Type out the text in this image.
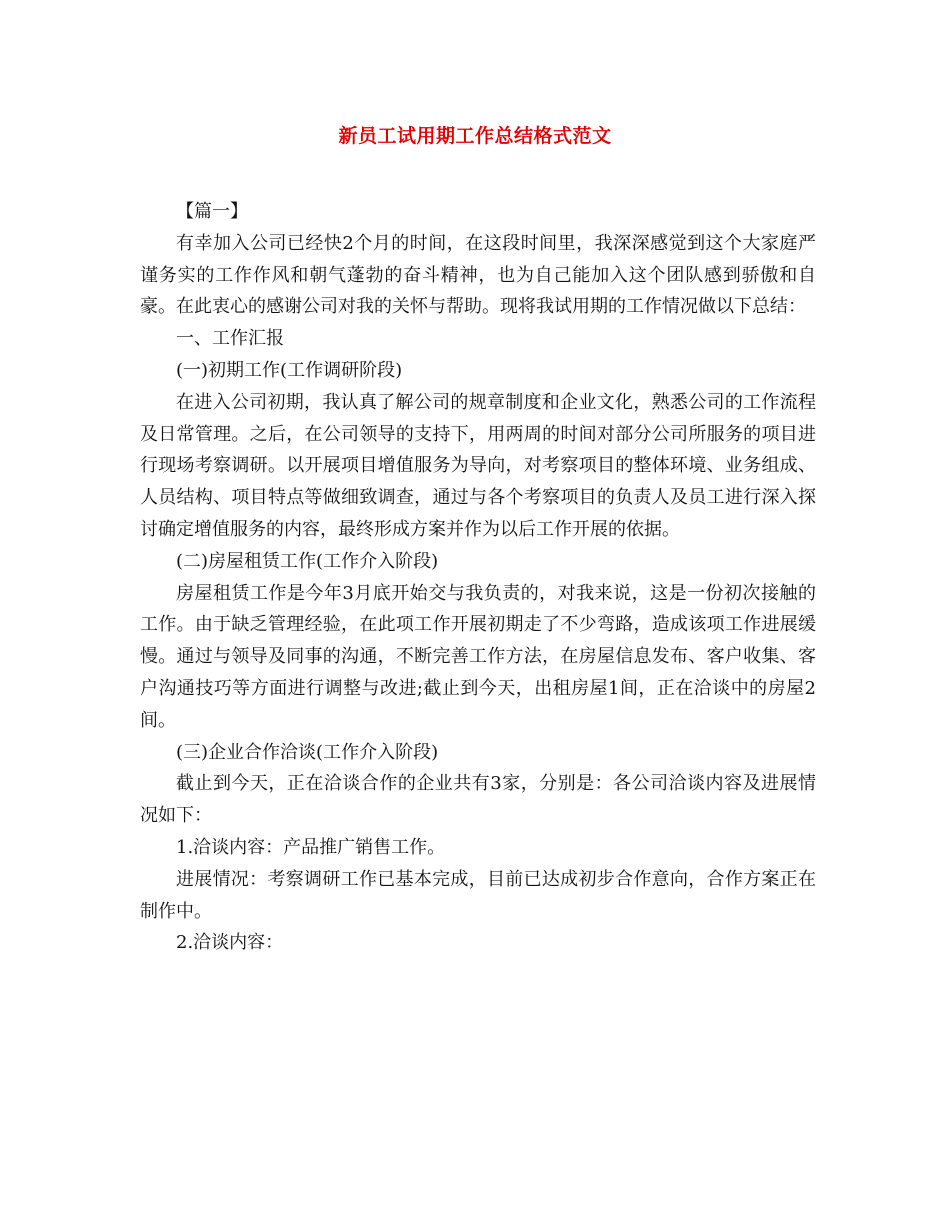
新员工试用期工作总结格式范文

【篇一】

有幸加入公司已经快2个月的时间，在这段时间里，我深深感觉到这个大家庭严谨务实的工作作风和朝气蓬勃的奋斗精神，也为自己能加入这个团队感到骄傲和自豪。在此衷心的感谢公司对我的关怀与帮助。现将我试用期的工作情况做以下总结：

一、工作汇报

(一)初期工作(工作调研阶段)

在进入公司初期，我认真了解公司的规章制度和企业文化，熟悉公司的工作流程及日常管理。之后，在公司领导的支持下，用两周的时间对部分公司所服务的项目进行现场考察调研。以开展项目增值服务为导向，对考察项目的整体环境、业务组成、人员结构、项目特点等做细致调查，通过与各个考察项目的负责人及员工进行深入探讨确定增值服务的内容，最终形成方案并作为以后工作开展的依据。

(二)房屋租赁工作(工作介入阶段)

房屋租赁工作是今年3月底开始交与我负责的，对我来说，这是一份初次接触的工作。由于缺乏管理经验，在此项工作开展初期走了不少弯路，造成该项工作进展缓慢。通过与领导及同事的沟通，不断完善工作方法，在房屋信息发布、客户收集、客户沟通技巧等方面进行调整与改进;截止到今天，出租房屋1间，正在洽谈中的房屋2间。

(三)企业合作洽谈(工作介入阶段)

截止到今天，正在洽谈合作的企业共有3家，分别是：各公司洽谈内容及进展情况如下：

1.洽谈内容：产品推广销售工作。

进展情况：考察调研工作已基本完成，目前已达成初步合作意向，合作方案正在制作中。

2.洽谈内容：
